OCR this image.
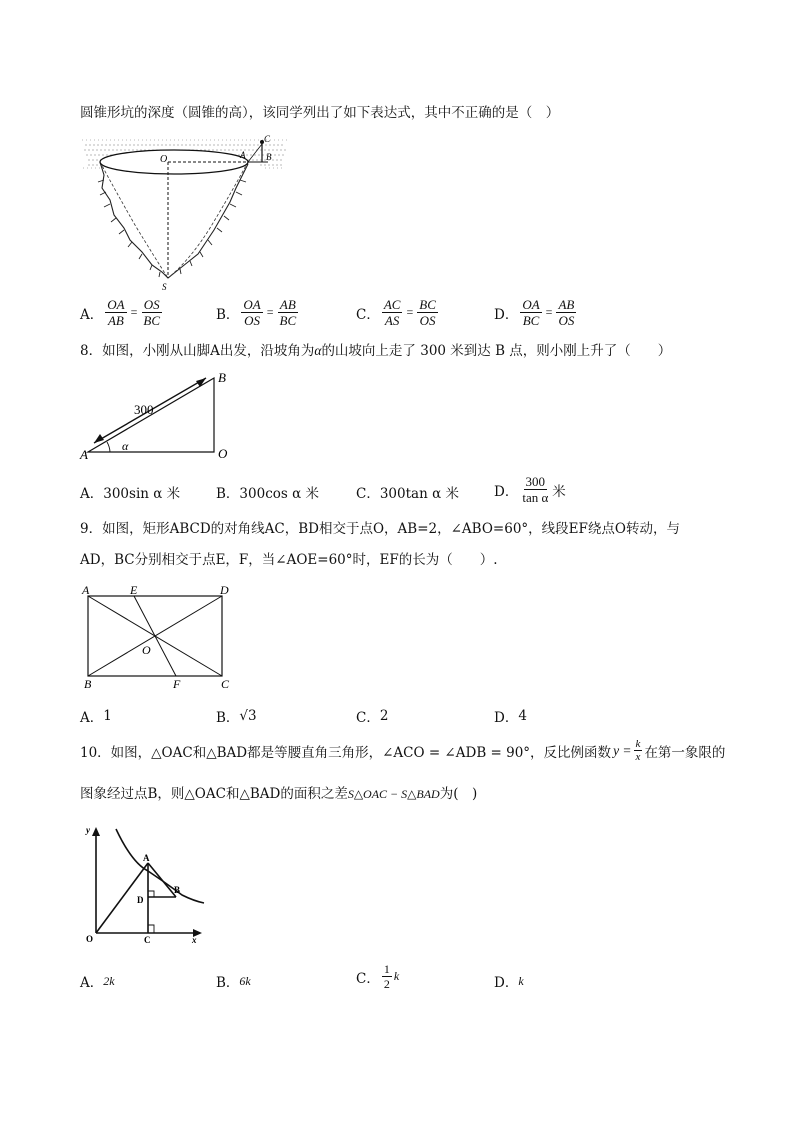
圆锥形坑的深度（圆锥的高），该同学列出了如下表达式，其中不正确的是（　）
O	A B
C
S
A． $\frac{OA}{AB} = \frac{OS}{BC}$	B． $\frac{OA}{OS} = \frac{AB}{BC}$	C． $\frac{AC}{AS} = \frac{BC}{OS}$	D． $\frac{OA}{BC} = \frac{AB}{OS}$
8．如图，小刚从山脚A出发，沿坡角为α的山坡向上走了 300 米到达 B 点，则小刚上升了（　　）
A
B
O
300
α
A． 300sin α 米	B． 300cos α 米	C． 300tan α 米	D． $\frac{300}{\text{tan α}}$ 米
9．如图，矩形ABCD的对角线AC，BD相交于点O，AB=2，∠ABO=60°，线段EF绕点O转动，与
AD，BC分别相交于点E，F，当∠AOE=60°时，EF的长为（　　）.
A	E	D
O
B	F	C
A． 1	B． √3	C． 2	D． 4
10．如图，△OAC和△BAD都是等腰直角三角形，∠ACO = ∠ADB = 90°，反比例函数 $y = \frac{k}{x}$ 在第一象限的
图象经过点B，则△OAC和△BAD的面积之差S△OAC − S△BAD为(　)
y
A
B
D
O	C	x
A． 2k	B． 6k	C． $\frac{1}{2}$ k	D． k
